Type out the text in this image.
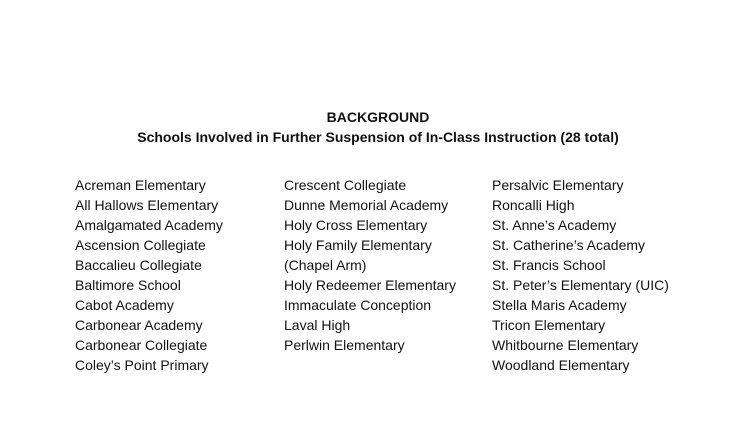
BACKGROUND
Schools Involved in Further Suspension of In-Class Instruction (28 total)
Acreman Elementary
All Hallows Elementary
Amalgamated Academy
Ascension Collegiate
Baccalieu Collegiate
Baltimore School
Cabot Academy
Carbonear Academy
Carbonear Collegiate
Coley’s Point Primary
Crescent Collegiate
Dunne Memorial Academy
Holy Cross Elementary
Holy Family Elementary
(Chapel Arm)
Holy Redeemer Elementary
Immaculate Conception
Laval High
Perlwin Elementary
Persalvic Elementary
Roncalli High
St. Anne’s Academy
St. Catherine’s Academy
St. Francis School
St. Peter’s Elementary (UIC)
Stella Maris Academy
Tricon Elementary
Whitbourne Elementary
Woodland Elementary
